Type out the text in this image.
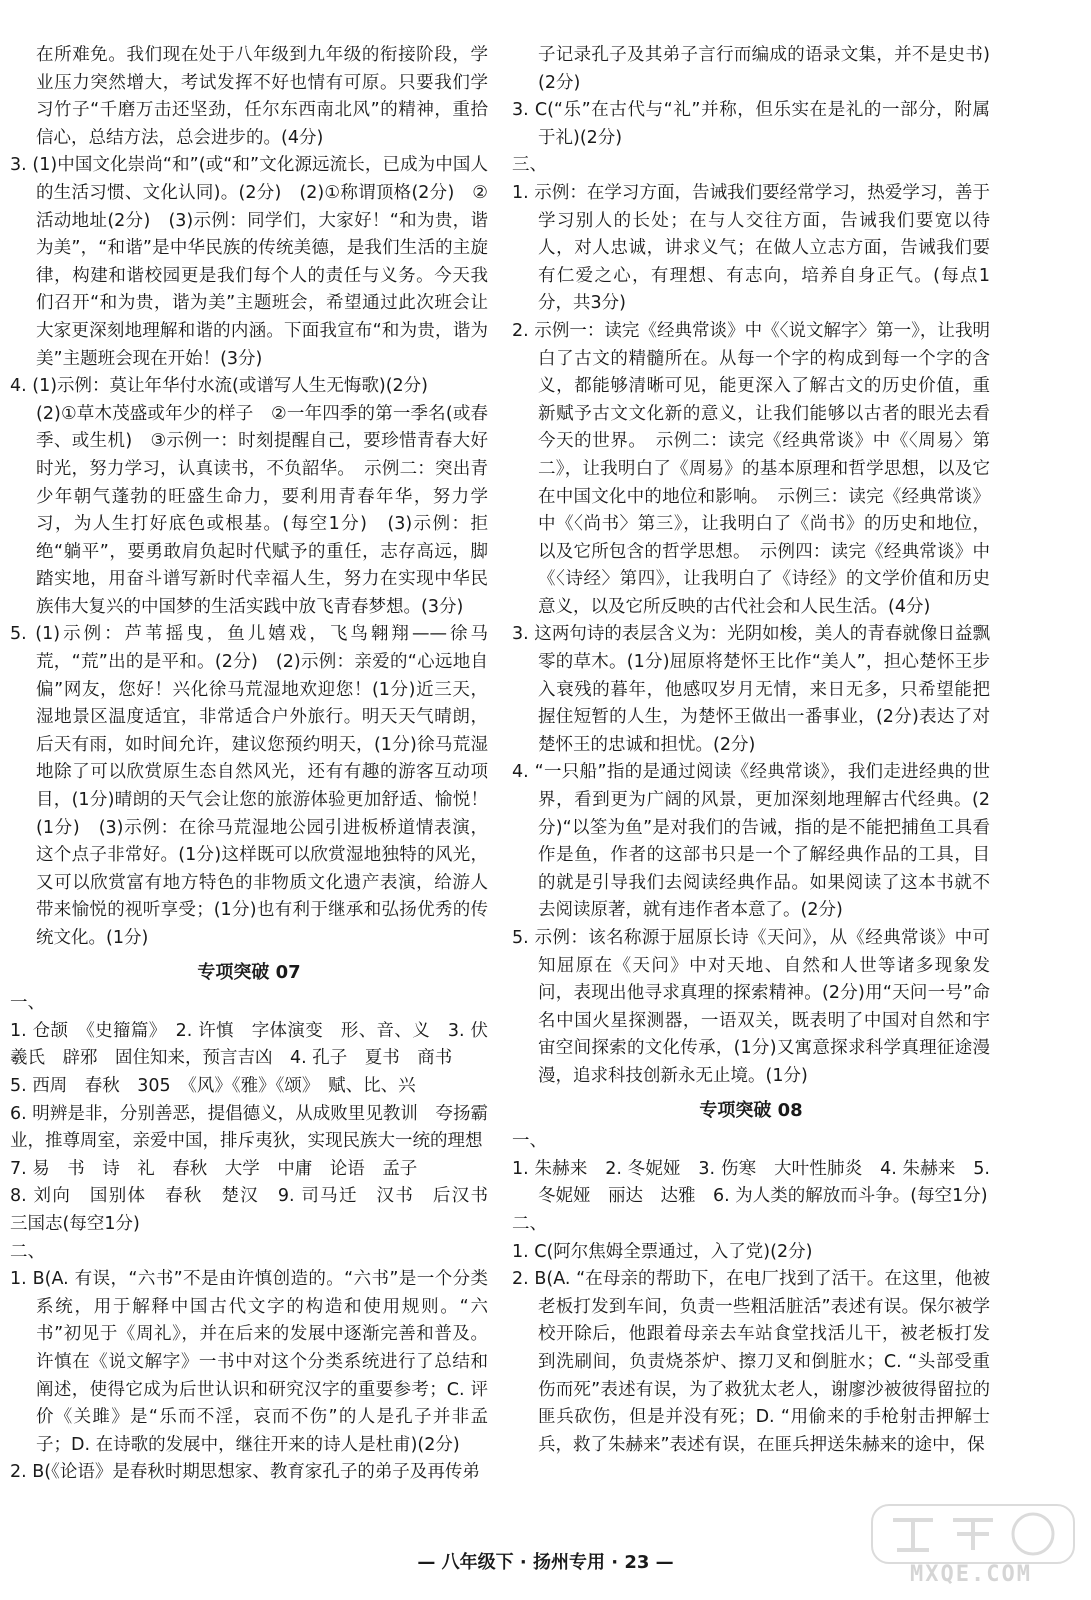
在所难免。我们现在处于八年级到九年级的衔接阶段，学业压力突然增大，考试发挥不好也情有可原。只要我们学习竹子“千磨万击还坚劲，任尔东西南北风”的精神，重拾信心，总结方法，总会进步的。(4分)
3. (1)中国文化崇尚“和”(或“和”文化源远流长，已成为中国人的生活习惯、文化认同)。(2分)　(2)①称谓顶格(2分)　②活动地址(2分)　(3)示例：同学们，大家好！“和为贵，谐为美”，“和谐”是中华民族的传统美德，是我们生活的主旋律，构建和谐校园更是我们每个人的责任与义务。今天我们召开“和为贵，谐为美”主题班会，希望通过此次班会让大家更深刻地理解和谐的内涵。下面我宣布“和为贵，谐为美”主题班会现在开始！(3分)
4. (1)示例：莫让年华付水流(或谱写人生无悔歌)(2分)
(2)①草木茂盛或年少的样子　②一年四季的第一季名(或春季、或生机)　③示例一：时刻提醒自己，要珍惜青春大好时光，努力学习，认真读书，不负韶华。　示例二：突出青少年朝气蓬勃的旺盛生命力，要利用青春年华，努力学习，为人生打好底色或根基。(每空1分)　(3)示例：拒绝“躺平”，要勇敢肩负起时代赋予的重任，志存高远，脚踏实地，用奋斗谱写新时代幸福人生，努力在实现中华民族伟大复兴的中国梦的生活实践中放飞青春梦想。(3分)
5. (1)示例：芦苇摇曳，鱼儿嬉戏，飞鸟翱翔——徐马荒，“荒”出的是平和。(2分)　(2)示例：亲爱的“心远地自偏”网友，您好！兴化徐马荒湿地欢迎您！(1分)近三天，湿地景区温度适宜，非常适合户外旅行。明天天气晴朗，后天有雨，如时间允许，建议您预约明天，(1分)徐马荒湿地除了可以欣赏原生态自然风光，还有有趣的游客互动项目，(1分)晴朗的天气会让您的旅游体验更加舒适、愉悦！(1分)　(3)示例：在徐马荒湿地公园引进板桥道情表演，这个点子非常好。(1分)这样既可以欣赏湿地独特的风光，又可以欣赏富有地方特色的非物质文化遗产表演，给游人带来愉悦的视听享受；(1分)也有利于继承和弘扬优秀的传统文化。(1分)
专项突破 07
一、
1. 仓颉　《史籀篇》　2. 许慎　字体演变　形、音、义　3. 伏羲氏　辟邪　固住知来，预言吉凶　4. 孔子　夏书　商书
5. 西周　春秋　305　《风》《雅》《颂》　赋、比、兴
6. 明辨是非，分别善恶，提倡德义，从成败里见教训　夸扬霸业，推尊周室，亲爱中国，排斥夷狄，实现民族大一统的理想
7. 易　书　诗　礼　春秋　大学　中庸　论语　孟子
8. 刘向　国别体　春秋　楚汉　9. 司马迁　汉书　后汉书　三国志(每空1分)
二、
1. B(A. 有误，“六书”不是由许慎创造的。“六书”是一个分类系统，用于解释中国古代文字的构造和使用规则。“六书”初见于《周礼》，并在后来的发展中逐渐完善和普及。许慎在《说文解字》一书中对这个分类系统进行了总结和阐述，使得它成为后世认识和研究汉字的重要参考；C. 评价《关雎》是“乐而不淫，哀而不伤”的人是孔子并非孟子；D. 在诗歌的发展中，继往开来的诗人是杜甫)(2分)
2. B(《论语》是春秋时期思想家、教育家孔子的弟子及再传弟
子记录孔子及其弟子言行而编成的语录文集，并不是史书)(2分)
3. C(“乐”在古代与“礼”并称，但乐实在是礼的一部分，附属于礼)(2分)
三、
1. 示例：在学习方面，告诫我们要经常学习，热爱学习，善于学习别人的长处；在与人交往方面，告诫我们要宽以待人，对人忠诚，讲求义气；在做人立志方面，告诫我们要有仁爱之心，有理想、有志向，培养自身正气。(每点1分，共3分)
2. 示例一：读完《经典常谈》中《〈说文解字〉第一》，让我明白了古文的精髓所在。从每一个字的构成到每一个字的含义，都能够清晰可见，能更深入了解古文的历史价值，重新赋予古文文化新的意义，让我们能够以古者的眼光去看今天的世界。　示例二：读完《经典常谈》中《〈周易〉第二》，让我明白了《周易》的基本原理和哲学思想，以及它在中国文化中的地位和影响。　示例三：读完《经典常谈》中《〈尚书〉第三》，让我明白了《尚书》的历史和地位，以及它所包含的哲学思想。　示例四：读完《经典常谈》中《〈诗经〉第四》，让我明白了《诗经》的文学价值和历史意义，以及它所反映的古代社会和人民生活。(4分)
3. 这两句诗的表层含义为：光阴如梭，美人的青春就像日益飘零的草木。(1分)屈原将楚怀王比作“美人”，担心楚怀王步入衰残的暮年，他感叹岁月无情，来日无多，只希望能把握住短暂的人生，为楚怀王做出一番事业，(2分)表达了对楚怀王的忠诚和担忧。(2分)
4. “一只船”指的是通过阅读《经典常谈》，我们走进经典的世界，看到更为广阔的风景，更加深刻地理解古代经典。(2分)“以筌为鱼”是对我们的告诫，指的是不能把捕鱼工具看作是鱼，作者的这部书只是一个了解经典作品的工具，目的就是引导我们去阅读经典作品。如果阅读了这本书就不去阅读原著，就有违作者本意了。(2分)
5. 示例：该名称源于屈原长诗《天问》，从《经典常谈》中可知屈原在《天问》中对天地、自然和人世等诸多现象发问，表现出他寻求真理的探索精神。(2分)用“天问一号”命名中国火星探测器，一语双关，既表明了中国对自然和宇宙空间探索的文化传承，(1分)又寓意探求科学真理征途漫漫，追求科技创新永无止境。(1分)
专项突破 08
一、
1. 朱赫来　2. 冬妮娅　3. 伤寒　大叶性肺炎　4. 朱赫来　5. 冬妮娅　丽达　达雅　6. 为人类的解放而斗争。(每空1分)
二、
1. C(阿尔焦姆全票通过，入了党)(2分)
2. B(A. “在母亲的帮助下，在电厂找到了活干。在这里，他被老板打发到车间，负责一些粗活脏活”表述有误。保尔被学校开除后，他跟着母亲去车站食堂找活儿干，被老板打发到洗刷间，负责烧茶炉、擦刀叉和倒脏水；C. “头部受重伤而死”表述有误，为了救犹太老人，谢廖沙被彼得留拉的匪兵砍伤，但是并没有死；D. “用偷来的手枪射击押解士兵，救了朱赫来”表述有误，在匪兵押送朱赫来的途中，保
— 八年级下 · 扬州专用 · 23 —	MXQE.COM
